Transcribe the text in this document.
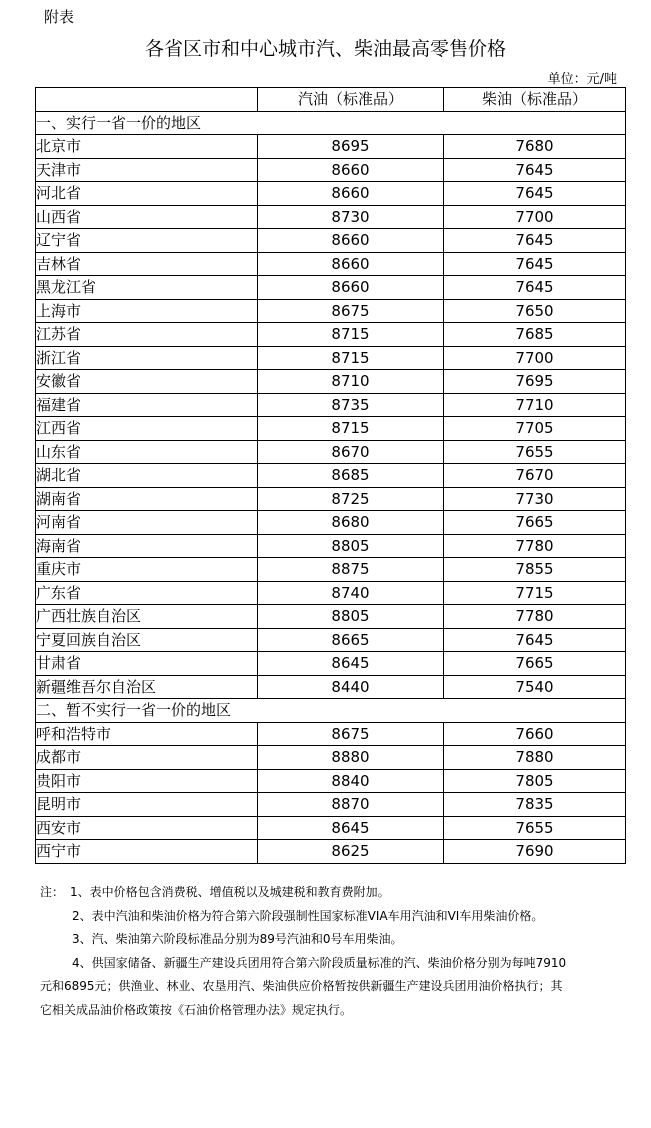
附表
各省区市和中心城市汽、柴油最高零售价格
单位：元/吨
	汽油（标准品）	柴油（标准品）
一、实行一省一价的地区		
北京市	8695	7680
天津市	8660	7645
河北省	8660	7645
山西省	8730	7700
辽宁省	8660	7645
吉林省	8660	7645
黑龙江省	8660	7645
上海市	8675	7650
江苏省	8715	7685
浙江省	8715	7700
安徽省	8710	7695
福建省	8735	7710
江西省	8715	7705
山东省	8670	7655
湖北省	8685	7670
湖南省	8725	7730
河南省	8680	7665
海南省	8805	7780
重庆市	8875	7855
广东省	8740	7715
广西壮族自治区	8805	7780
宁夏回族自治区	8665	7645
甘肃省	8645	7665
新疆维吾尔自治区	8440	7540
二、暂不实行一省一价的地区		
呼和浩特市	8675	7660
成都市	8880	7880
贵阳市	8840	7805
昆明市	8870	7835
西安市	8645	7655
西宁市	8625	7690
注：　1、表中价格包含消费税、增值税以及城建税和教育费附加。
2、表中汽油和柴油价格为符合第六阶段强制性国家标准VIA车用汽油和VI车用柴油价格。
3、汽、柴油第六阶段标准品分别为89号汽油和0号车用柴油。
4、供国家储备、新疆生产建设兵团用符合第六阶段质量标准的汽、柴油价格分别为每吨7910
元和6895元；供渔业、林业、农垦用汽、柴油供应价格暂按供新疆生产建设兵团用油价格执行；其
它相关成品油价格政策按《石油价格管理办法》规定执行。
